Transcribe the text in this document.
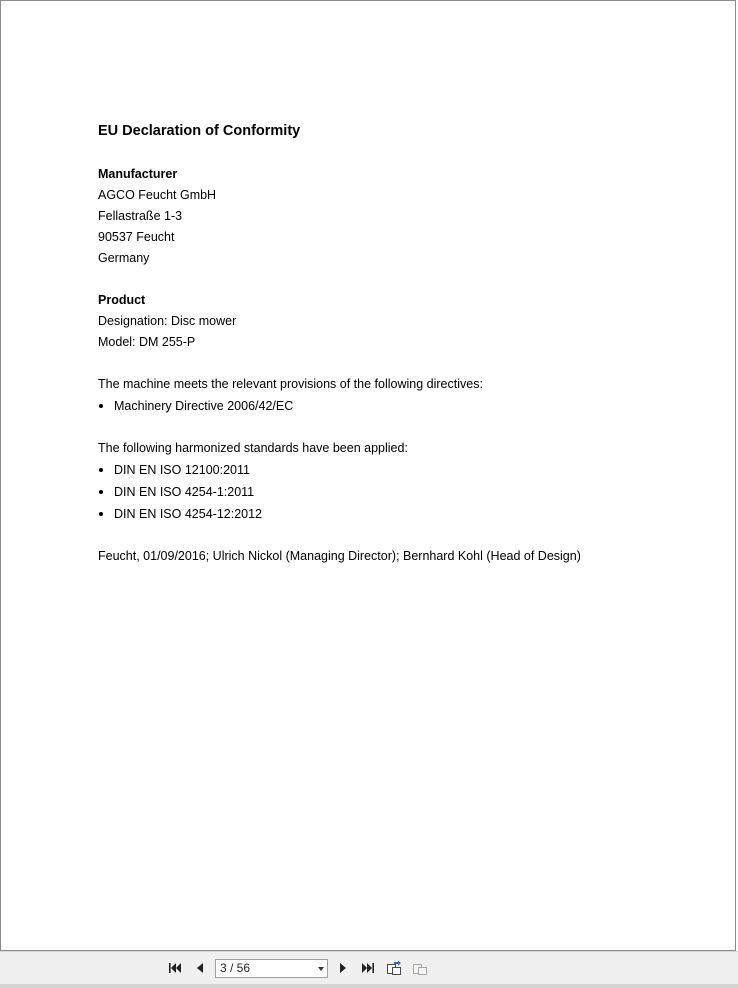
EU Declaration of Conformity

Manufacturer

AGCO Feucht GmbH

Fellastraße 1-3

90537 Feucht

Germany

Product

Designation: Disc mower

Model: DM 255-P

The machine meets the relevant provisions of the following directives:

Machinery Directive 2006/42/EC

The following harmonized standards have been applied:

DIN EN ISO 12100:2011
DIN EN ISO 4254-1:2011
DIN EN ISO 4254-12:2012

Feucht, 01/09/2016; Ulrich Nickol (Managing Director); Bernhard Kohl (Head of Design)

3 / 56
